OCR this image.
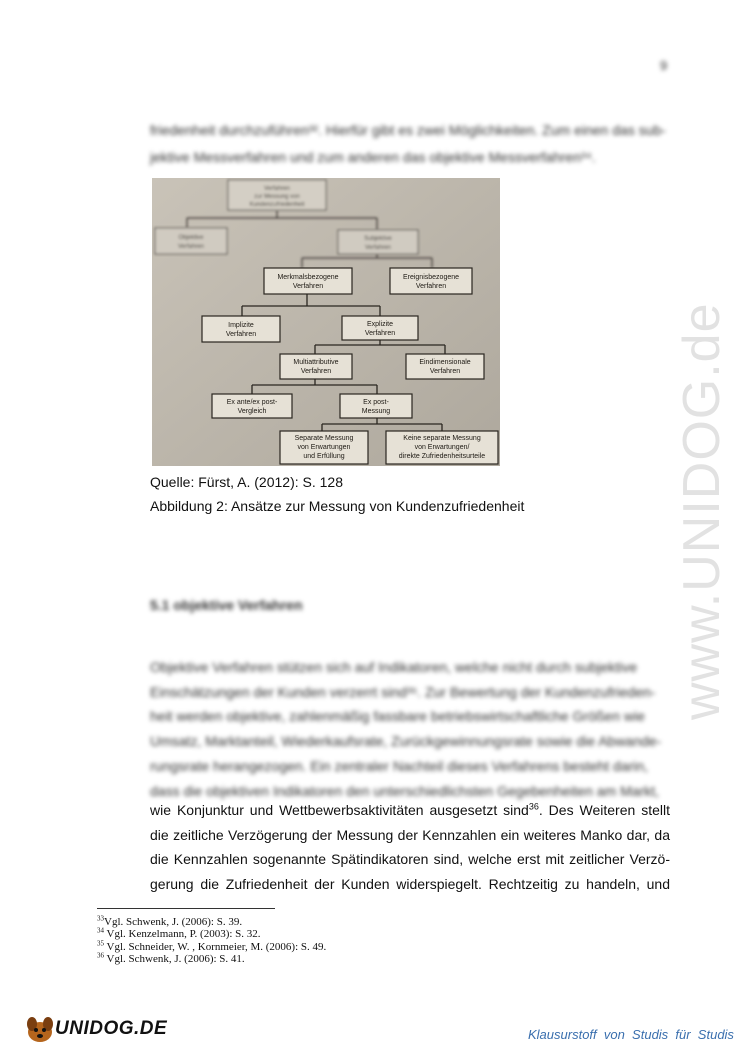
9
friedenheit durchzuführen³². Hierfür gibt es zwei Möglichkeiten. Zum einen das sub-
jektive Messverfahren und zum anderen das objektive Messverfahren³⁴.
Verfahren
zur Messung von
Kundenzufriedenheit
Objektive
Verfahren
Subjektive
Verfahren
Merkmalsbezogene
Verfahren
Ereignisbezogene
Verfahren
Implizite
Verfahren
Explizite
Verfahren
Multiattributive
Verfahren
Eindimensionale
Verfahren
Ex ante/ex post-
Vergleich
Ex post-
Messung
Separate Messung
von Erwartungen
und Erfüllung
Keine separate Messung
von Erwartungen/
direkte Zufriedenheitsurteile
Quelle: Fürst, A. (2012): S. 128
Abbildung 2: Ansätze zur Messung von Kundenzufriedenheit
5.1 objektive Verfahren
Objektive Verfahren stützen sich auf Indikatoren, welche nicht durch subjektive
Einschätzungen der Kunden verzerrt sind³⁵. Zur Bewertung der Kundenzufrieden-
heit werden objektive, zahlenmäßig fassbare betriebswirtschaftliche Größen wie
Umsatz, Marktanteil, Wiederkaufsrate, Zurückgewinnungsrate sowie die Abwande-
rungsrate herangezogen. Ein zentraler Nachteil dieses Verfahrens besteht darin,
dass die objektiven Indikatoren den unterschiedlichsten Gegebenheiten am Markt,
wie Konjunktur und Wettbewerbsaktivitäten ausgesetzt sind$^{36}$. Des Weiteren stellt
die zeitliche Verzögerung der Messung der Kennzahlen ein weiteres Manko dar, da
die Kennzahlen sogenannte Spätindikatoren sind, welche erst mit zeitlicher Verzö-
gerung die Zufriedenheit der Kunden widerspiegelt. Rechtzeitig zu handeln, und
$^{33}$Vgl. Schwenk, J. (2006): S. 39.
$^{34}$ Vgl. Kenzelmann, P. (2003): S. 32.
$^{35}$ Vgl. Schneider, W. , Kornmeier, M. (2006): S. 49.
$^{36}$ Vgl. Schwenk, J. (2006): S. 41.
www.UNIDOG.de
UNIDOG.DE	Klausurstoff  von  Studis  für  Studis
